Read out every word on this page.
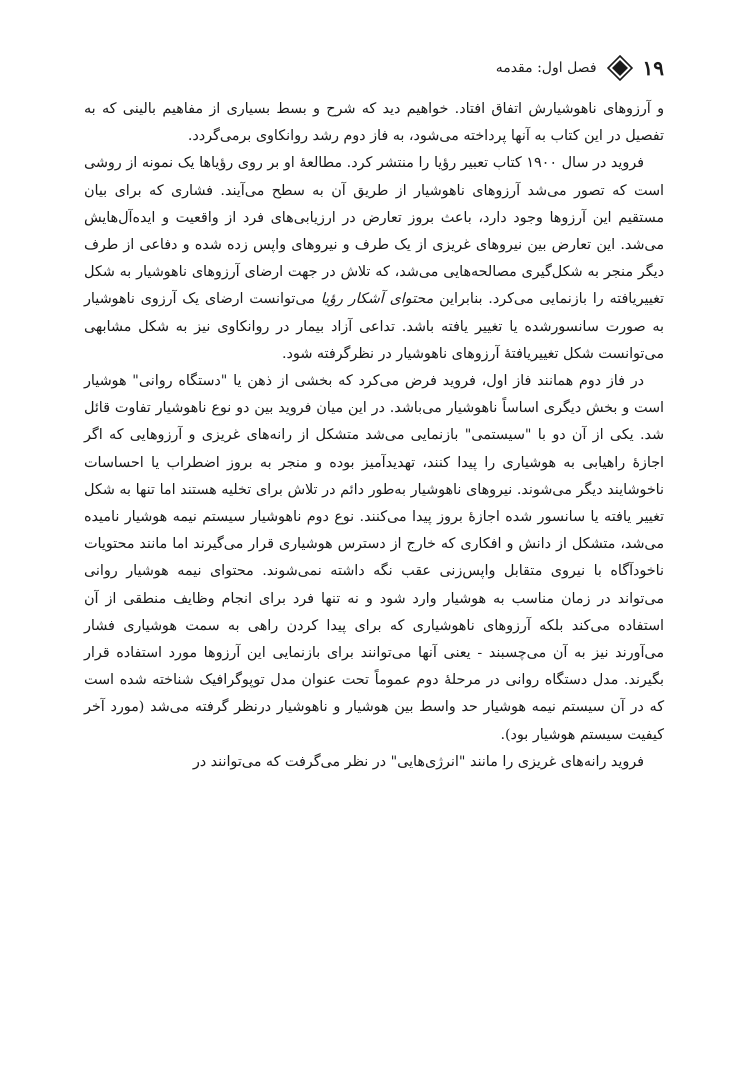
۱۹
فصل اول: مقدمه

و آرزوهای ناهوشیارش اتفاق افتاد. خواهیم دید که شرح و بسط بسیاری از مفاهیم بالینی که به تفصیل در این کتاب به آنها پرداخته می‌شود، به فاز دوم رشد روانکاوی برمی‌گردد.

فروید در سال ۱۹۰۰ کتاب تعبیر رؤیا را منتشر کرد. مطالعهٔ او بر روی رؤیاها یک نمونه از روشی است که تصور می‌شد آرزوهای ناهوشیار از طریق آن به سطح می‌آیند. فشاری که برای بیان مستقیم این آرزوها وجود دارد، باعث بروز تعارض در ارزیابی‌های فرد از واقعیت و ایده‌آل‌هایش می‌شد. این تعارض بین نیروهای غریزی از یک طرف و نیروهای واپس زده شده و دفاعی از طرف دیگر منجر به شکل‌گیری مصالحه‌هایی می‌شد، که تلاش در جهت ارضای آرزوهای ناهوشیار به شکل تغییریافته را بازنمایی می‌کرد. بنابراین محتوای آشکار رؤیا می‌توانست ارضای یک آرزوی ناهوشیار به صورت سانسورشده یا تغییر یافته باشد. تداعی آزاد بیمار در روانکاوی نیز به شکل مشابهی می‌توانست شکل تغییریافتهٔ آرزوهای ناهوشیار در نظرگرفته شود.

در فاز دوم همانند فاز اول، فروید فرض می‌کرد که بخشی از ذهن یا "دستگاه روانی" هوشیار است و بخش دیگری اساساً ناهوشیار می‌باشد. در این میان فروید بین دو نوع ناهوشیار تفاوت قائل شد. یکی از آن دو با "سیستمی" بازنمایی می‌شد متشکل از رانه‌های غریزی و آرزوهایی که اگر اجازهٔ راهیابی به هوشیاری را پیدا کنند، تهدیدآمیز بوده و منجر به بروز اضطراب یا احساسات ناخوشایند دیگر می‌شوند. نیروهای ناهوشیار به‌طور دائم در تلاش برای تخلیه هستند اما تنها به شکل تغییر یافته یا سانسور شده اجازهٔ بروز پیدا می‌کنند. نوع دوم ناهوشیار سیستم نیمه هوشیار نامیده می‌شد، متشکل از دانش و افکاری که خارج از دسترس هوشیاری قرار می‌گیرند اما مانند محتویات ناخودآگاه با نیروی متقابل واپس‌زنی عقب نگه داشته نمی‌شوند. محتوای نیمه هوشیار روانی می‌تواند در زمان مناسب به هوشیار وارد شود و نه تنها فرد برای انجام وظایف منطقی از آن استفاده می‌کند بلکه آرزوهای ناهوشیاری که برای پیدا کردن راهی به سمت هوشیاری فشار می‌آورند نیز به آن می‌چسبند - یعنی آنها می‌توانند برای بازنمایی این آرزوها مورد استفاده قرار بگیرند. مدل دستگاه روانی در مرحلهٔ دوم عموماً تحت عنوان مدل توپوگرافیک شناخته شده است که در آن سیستم نیمه هوشیار حد واسط بین هوشیار و ناهوشیار درنظر گرفته می‌شد (مورد آخر کیفیت سیستم هوشیار بود).

فروید رانه‌های غریزی را مانند "انرژی‌هایی" در نظر می‌گرفت که می‌توانند در
